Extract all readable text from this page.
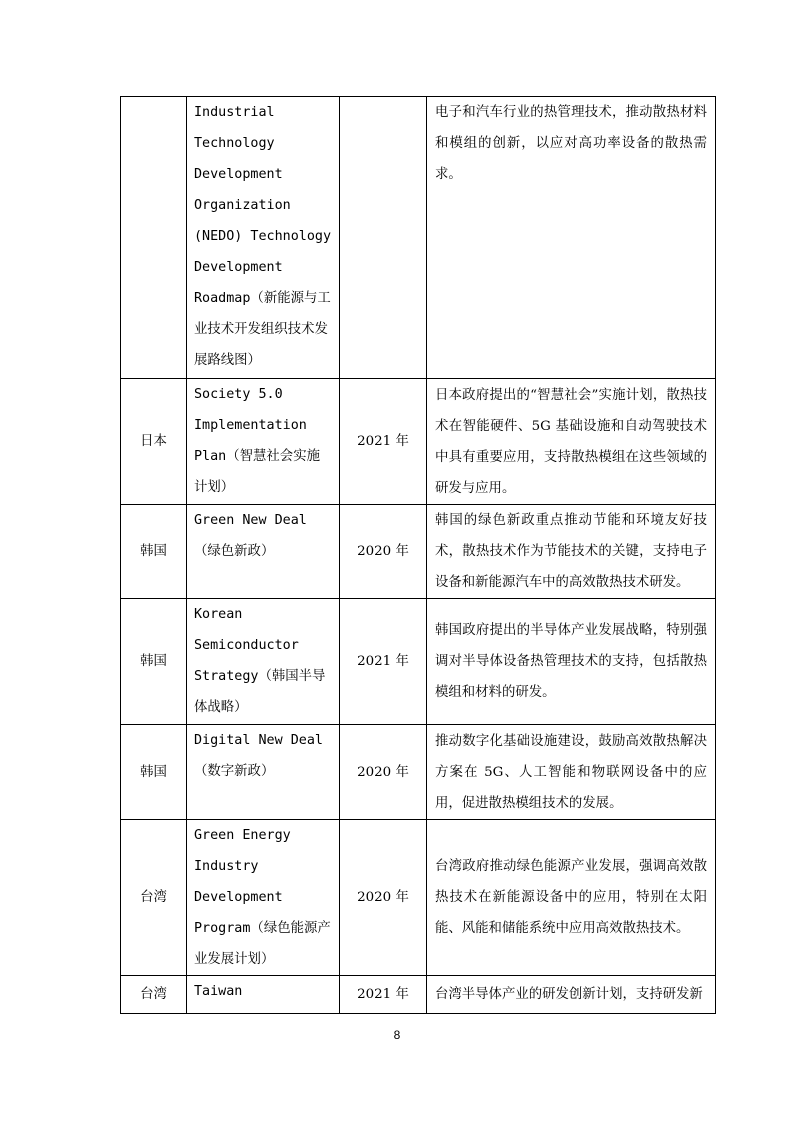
	Industrial Technology Development Organization (NEDO) Technology Development Roadmap（新能源与工业技术开发组织技术发展路线图）		电子和汽车行业的热管理技术，推动散热材料和模组的创新，以应对高功率设备的散热需求。
日本	Society 5.0 Implementation Plan（智慧社会实施计划）	2021 年	日本政府提出的“智慧社会”实施计划，散热技术在智能硬件、5G 基础设施和自动驾驶技术中具有重要应用，支持散热模组在这些领域的研发与应用。
韩国	Green New Deal（绿色新政）	2020 年	韩国的绿色新政重点推动节能和环境友好技术，散热技术作为节能技术的关键，支持电子设备和新能源汽车中的高效散热技术研发。
韩国	Korean Semiconductor Strategy（韩国半导体战略）	2021 年	韩国政府提出的半导体产业发展战略，特别强调对半导体设备热管理技术的支持，包括散热模组和材料的研发。
韩国	Digital New Deal（数字新政）	2020 年	推动数字化基础设施建设，鼓励高效散热解决方案在 5G、人工智能和物联网设备中的应用，促进散热模组技术的发展。
台湾	Green Energy Industry Development Program（绿色能源产业发展计划）	2020 年	台湾政府推动绿色能源产业发展，强调高效散热技术在新能源设备中的应用，特别在太阳能、风能和储能系统中应用高效散热技术。
台湾	Taiwan	2021 年	台湾半导体产业的研发创新计划，支持研发新
8
